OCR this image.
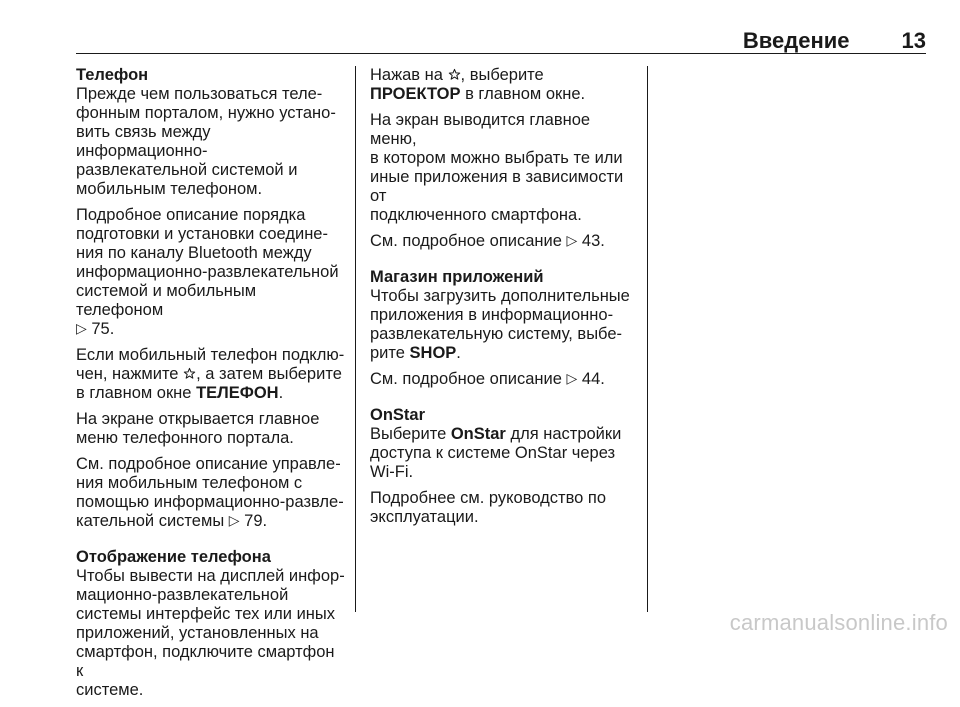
Введение 13
Телефон

Прежде чем пользоваться теле-
фонным порталом, нужно устано-
вить связь между информационно-
развлекательной системой и
мобильным телефоном.

Подробное описание порядка
подготовки и установки соедине-
ния по каналу Bluetooth между
информационно-развлекательной
системой и мобильным телефоном
▷ 75.

Если мобильный телефон подклю-
чен, нажмите , а затем выберите
в главном окне ТЕЛЕФОН.

На экране открывается главное
меню телефонного портала.

См. подробное описание управле-
ния мобильным телефоном с
помощью информационно-развле-
кательной системы ▷ 79.

Отображение телефона

Чтобы вывести на дисплей инфор-
мационно-развлекательной
системы интерфейс тех или иных
приложений, установленных на
смартфон, подключите смартфон к
системе.

Нажав на , выберите

ПРОЕКТОР в главном окне.

На экран выводится главное меню,
в котором можно выбрать те или
иные приложения в зависимости от
подключенного смартфона.

См. подробное описание ▷ 43.

Магазин приложений

Чтобы загрузить дополнительные
приложения в информационно-
развлекательную систему, выбе-
рите SHOP.

См. подробное описание ▷ 44.

OnStar

Выберите OnStar для настройки
доступа к системе OnStar через
Wi-Fi.

Подробнее см. руководство по
эксплуатации.

carmanualsonline.info
